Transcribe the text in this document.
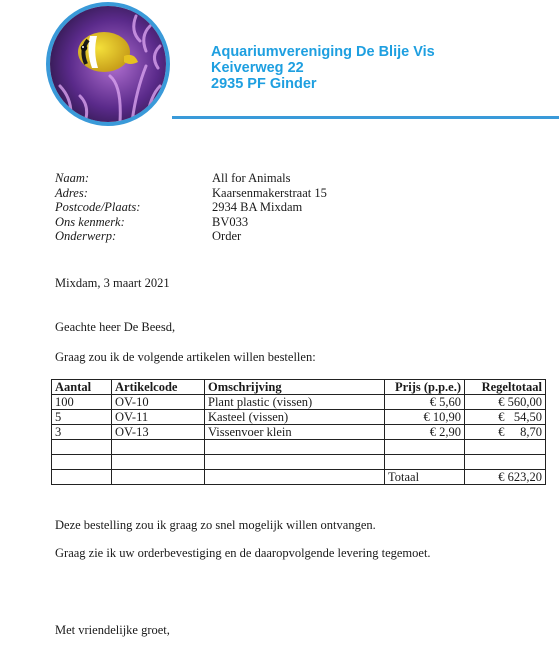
Aquariumvereniging De Blije Vis
Keiverweg 22
2935 PF Ginder
Naam:	All for Animals
Adres:	Kaarsenmakerstraat 15
Postcode/Plaats:	2934 BA Mixdam
Ons kenmerk:	BV033
Onderwerp:	Order
Mixdam, 3 maart 2021
Geachte heer De Beesd,
Graag zou ik de volgende artikelen willen bestellen:
Aantal	Artikelcode	Omschrijving	Prijs (p.p.e.)	Regeltotaal
100	OV-10	Plant plastic (vissen)	€ 5,60	€ 560,00
5	OV-11	Kasteel (vissen)	€ 10,90	€   54,50
3	OV-13	Vissenvoer klein	€ 2,90	€     8,70

			Totaal	€ 623,20
Deze bestelling zou ik graag zo snel mogelijk willen ontvangen.
Graag zie ik uw orderbevestiging en de daaropvolgende levering tegemoet.
Met vriendelijke groet,
